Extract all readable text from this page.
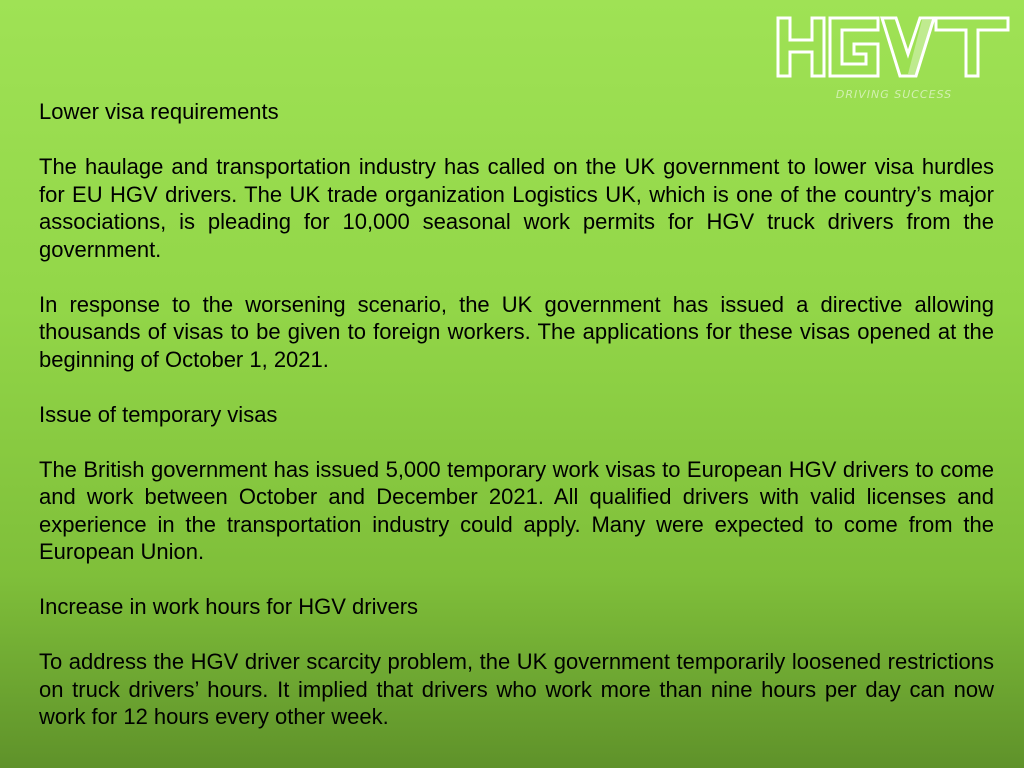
DRIVING SUCCESS

Lower visa requirements

The haulage and transportation industry has called on the UK government to lower visa hurdles for EU HGV drivers. The UK trade organization Logistics UK, which is one of the country’s major associations, is pleading for 10,000 seasonal work permits for HGV truck drivers from the government.

In response to the worsening scenario, the UK government has issued a directive allowing thousands of visas to be given to foreign workers. The applications for these visas opened at the beginning of October 1, 2021.

Issue of temporary visas

The British government has issued 5,000 temporary work visas to European HGV drivers to come and work between October and December 2021. All qualified drivers with valid licenses and experience in the transportation industry could apply. Many were expected to come from the European Union.

Increase in work hours for HGV drivers

To address the HGV driver scarcity problem, the UK government temporarily loosened restrictions on truck drivers’ hours. It implied that drivers who work more than nine hours per day can now work for 12 hours every other week.
